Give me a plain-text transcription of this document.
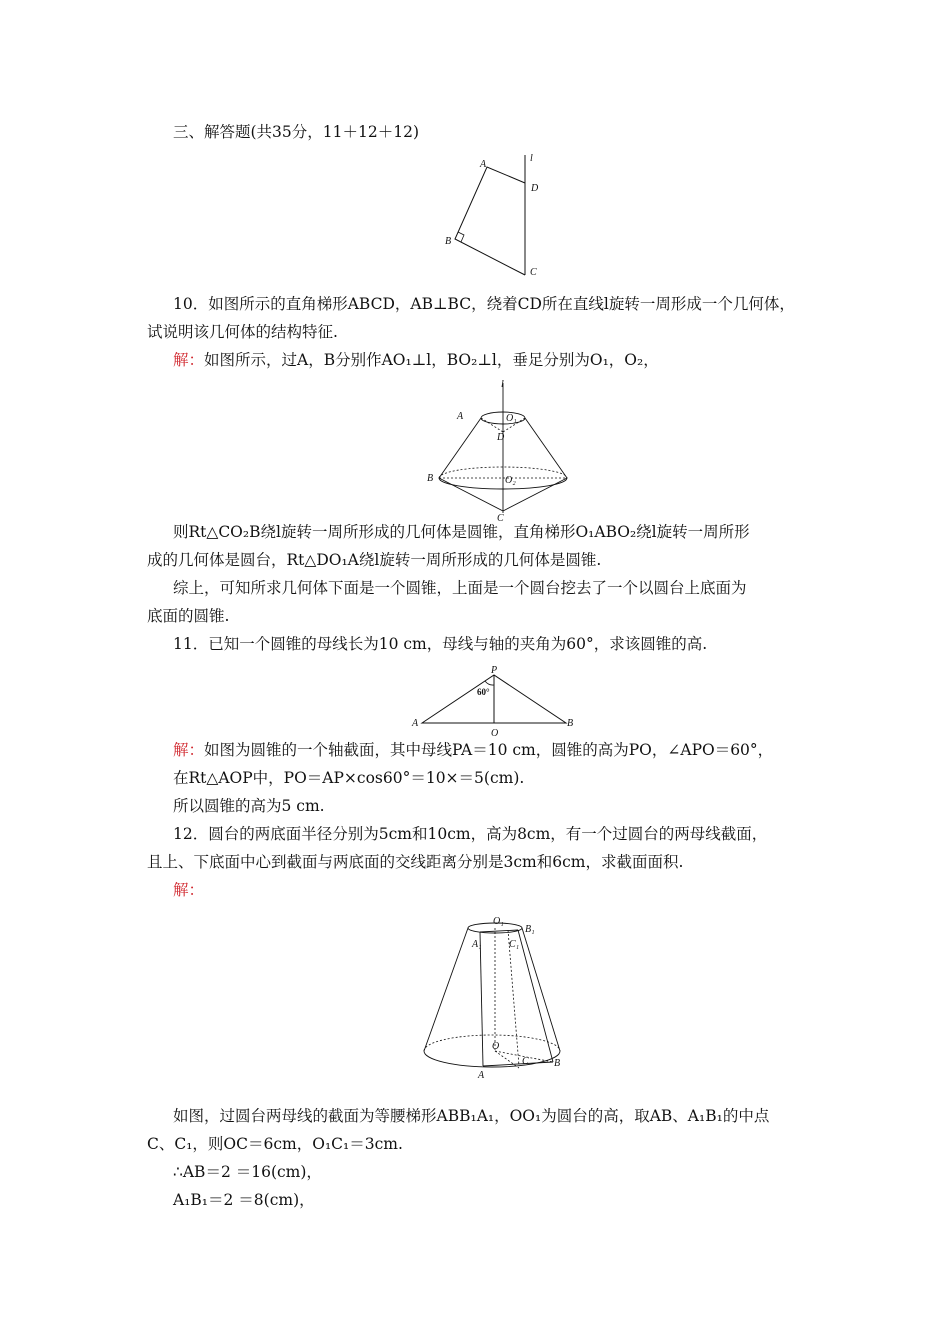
三、解答题(共35分，11＋12＋12)
A
l
D
B
C
10．如图所示的直角梯形ABCD，AB⊥BC，绕着CD所在直线l旋转一周形成一个几何体，
试说明该几何体的结构特征.
解：如图所示，过A，B分别作AO₁⊥l，BO₂⊥l，垂足分别为O₁，O₂，
l
A	O₁
D
B	O₂
C
则Rt△CO₂B绕l旋转一周所形成的几何体是圆锥，直角梯形O₁ABO₂绕l旋转一周所形
成的几何体是圆台，Rt△DO₁A绕l旋转一周所形成的几何体是圆锥.
综上，可知所求几何体下面是一个圆锥，上面是一个圆台挖去了一个以圆台上底面为
底面的圆锥.
11．已知一个圆锥的母线长为10 cm，母线与轴的夹角为60°，求该圆锥的高.
P
60°
A	B
O
解：如图为圆锥的一个轴截面，其中母线PA＝10 cm，圆锥的高为PO，∠APO＝60°，
在Rt△AOP中，PO＝AP×cos60°＝10×＝5(cm).
所以圆锥的高为5 cm.
12．圆台的两底面半径分别为5cm和10cm，高为8cm，有一个过圆台的两母线截面，
且上、下底面中心到截面与两底面的交线距离分别是3cm和6cm，求截面面积.
解：
O₁
B₁
A₁	C₁
O
B
C
A
如图，过圆台两母线的截面为等腰梯形ABB₁A₁，OO₁为圆台的高，取AB、A₁B₁的中点
C、C₁，则OC＝6cm，O₁C₁＝3cm.
∴AB＝2 ＝16(cm)，
A₁B₁＝2 ＝8(cm)，
